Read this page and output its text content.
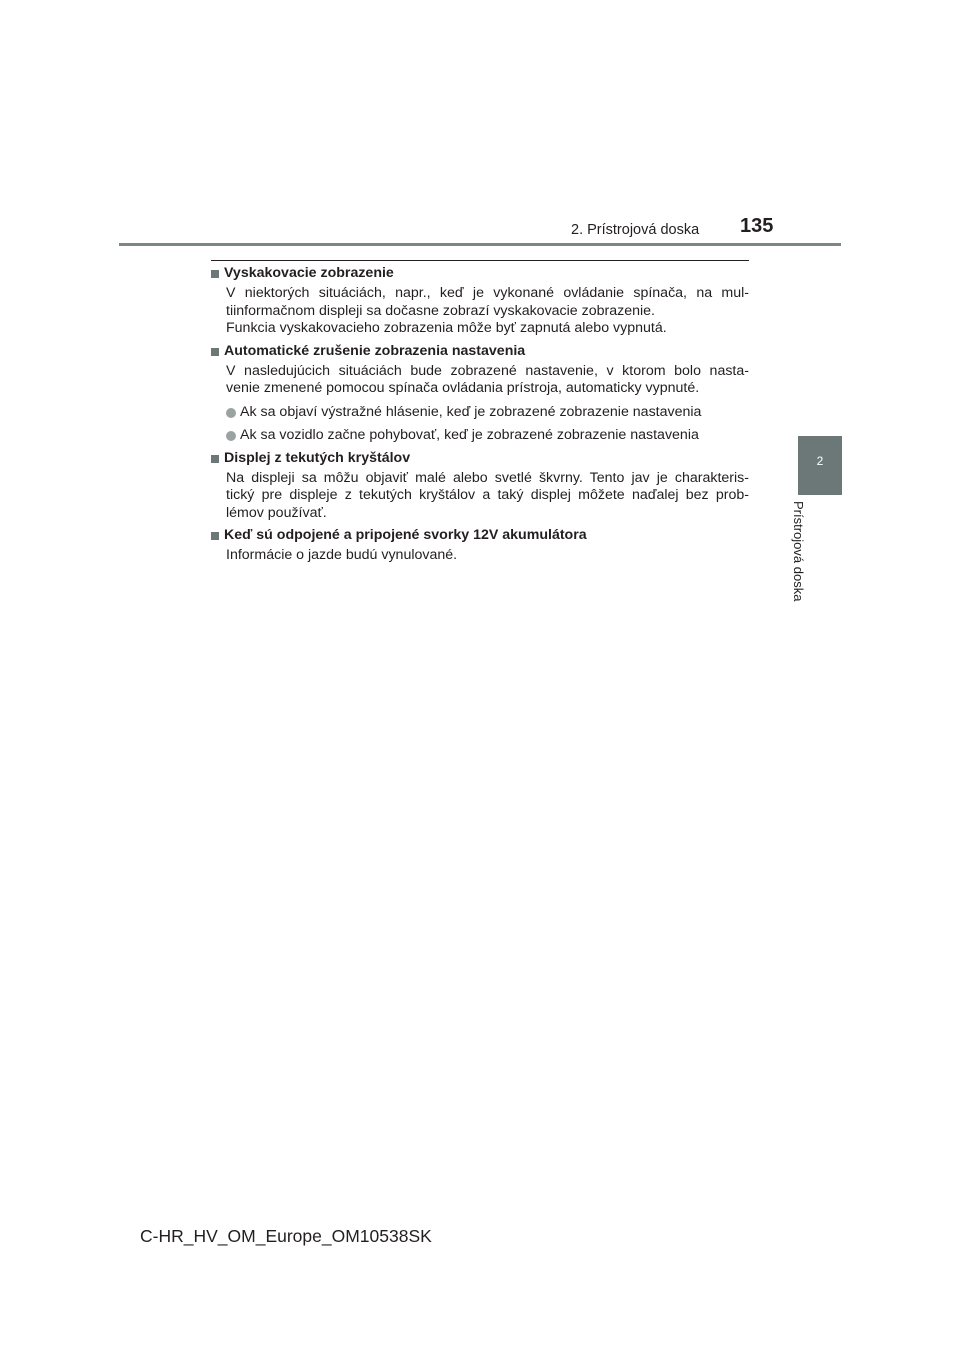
2. Prístrojová doska 135
2
Prístrojová doska
Vyskakovacie zobrazenie
V niektorých situáciách, napr., keď je vykonané ovládanie spínača, na mul-
tiinformačnom displeji sa dočasne zobrazí vyskakovacie zobrazenie.
Funkcia vyskakovacieho zobrazenia môže byť zapnutá alebo vypnutá.
Automatické zrušenie zobrazenia nastavenia
V nasledujúcich situáciách bude zobrazené nastavenie, v ktorom bolo nasta-
venie zmenené pomocou spínača ovládania prístroja, automaticky vypnuté.
Ak sa objaví výstražné hlásenie, keď je zobrazené zobrazenie nastavenia
Ak sa vozidlo začne pohybovať, keď je zobrazené zobrazenie nastavenia
Displej z tekutých kryštálov
Na displeji sa môžu objaviť malé alebo svetlé škvrny. Tento jav je charakteris-
tický pre displeje z tekutých kryštálov a taký displej môžete naďalej bez prob-
lémov používať.
Keď sú odpojené a pripojené svorky 12V akumulátora
Informácie o jazde budú vynulované.
C-HR_HV_OM_Europe_OM10538SK
